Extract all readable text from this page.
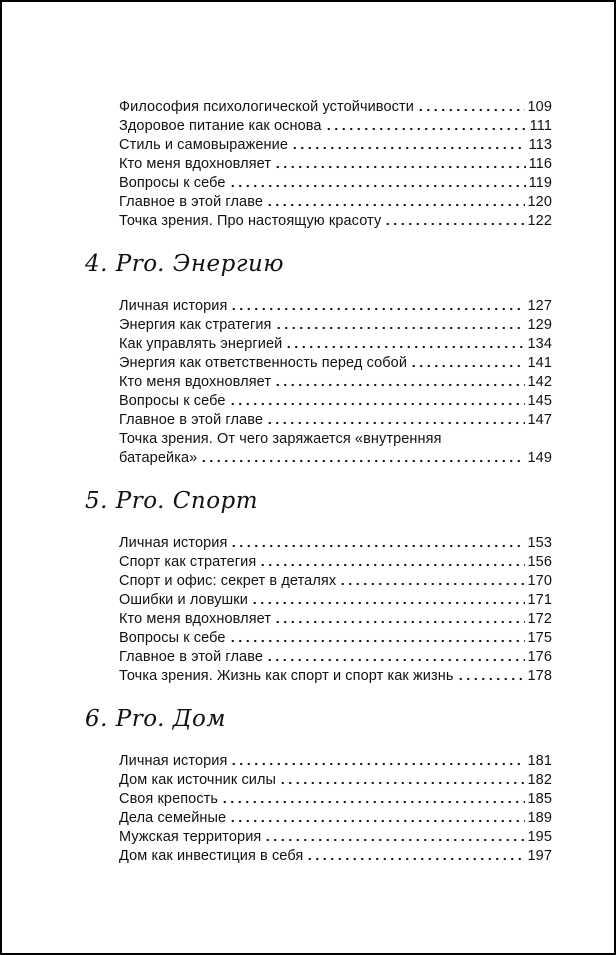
Философия психологической устойчивости	109
Здоровое питание как основа	111
Стиль и самовыражение	113
Кто меня вдохновляет	116
Вопросы к себе	119
Главное в этой главе	120
Точка зрения. Про настоящую красоту	122
4. Pro. Энергию
Личная история	127
Энергия как стратегия	129
Как управлять энергией	134
Энергия как ответственность перед собой	141
Кто меня вдохновляет	142
Вопросы к себе	145
Главное в этой главе	147
Точка зрения. От чего заряжается «внутренняя
батарейка»	149
5. Pro. Спорт
Личная история	153
Спорт как стратегия	156
Спорт и офис: секрет в деталях	170
Ошибки и ловушки	171
Кто меня вдохновляет	172
Вопросы к себе	175
Главное в этой главе	176
Точка зрения. Жизнь как спорт и спорт как жизнь	178
6. Pro. Дом
Личная история	181
Дом как источник силы	182
Своя крепость	185
Дела семейные	189
Мужская территория	195
Дом как инвестиция в себя	197
